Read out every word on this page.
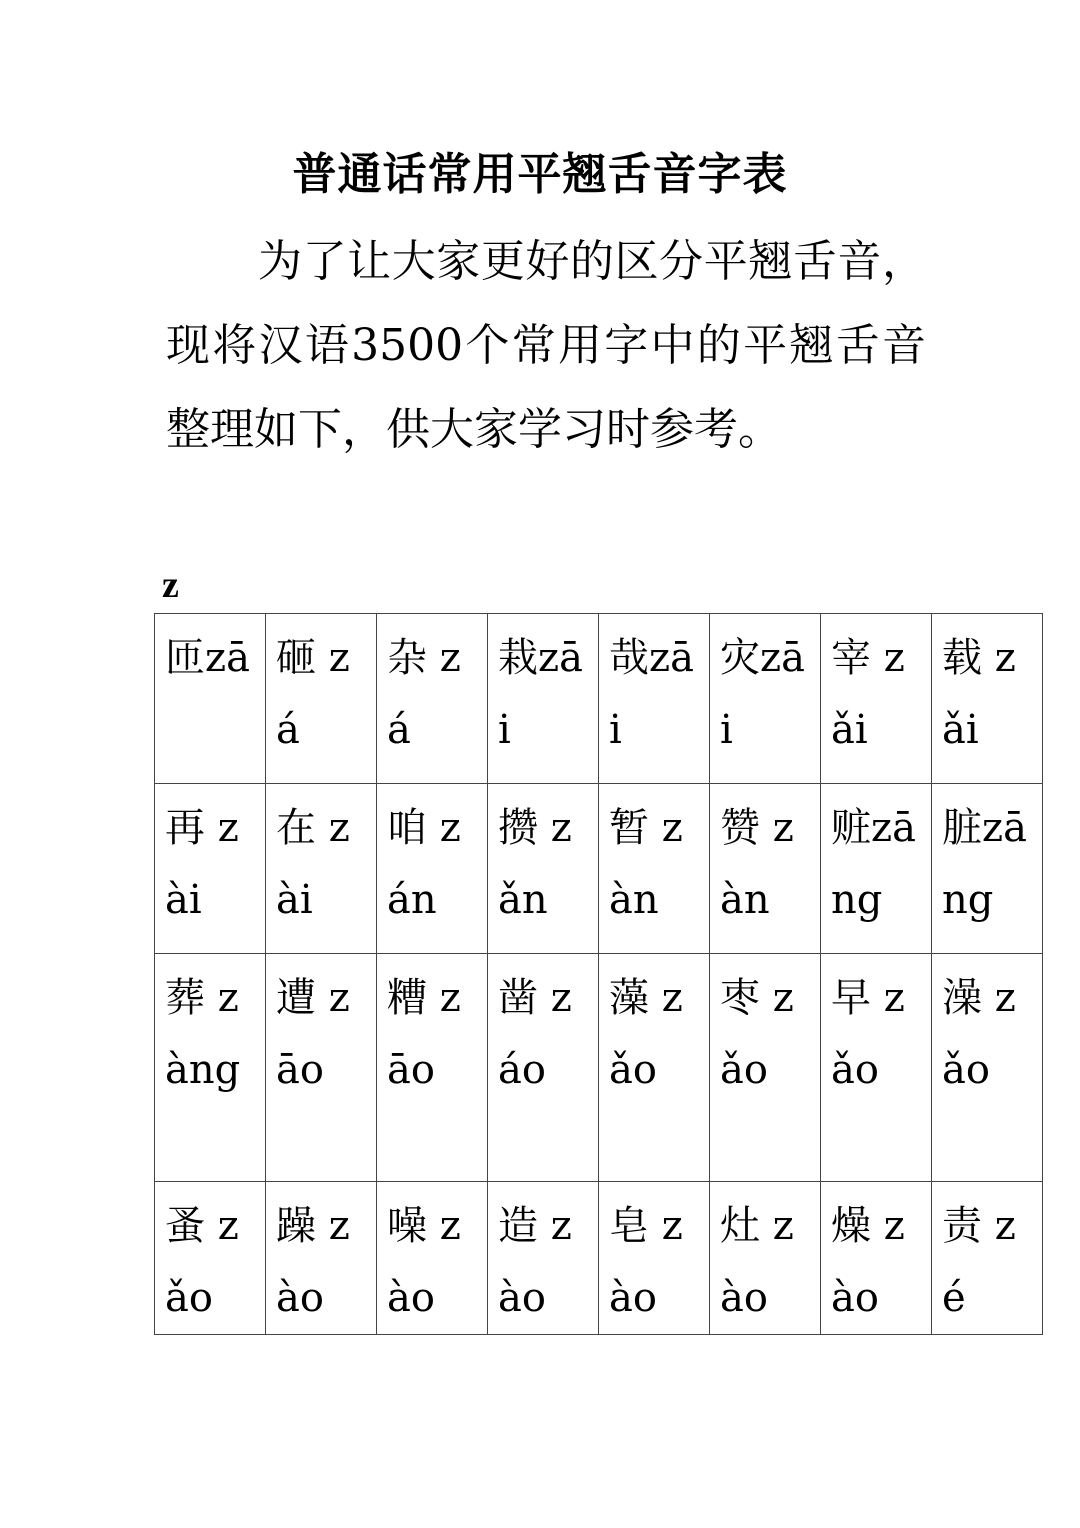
普通话常用平翘舌音字表

为了让大家更好的区分平翘舌音，现将汉语3500个常用字中的平翘舌音整理如下，供大家学习时参考。

z
匝zā	砸 zá	杂 zá	栽zāi	哉zāi	灾zāi	宰 zǎi	载 zǎi

再 zài	在 zài	咱 zán	攒 zǎn	暂 zàn	赞 zàn	赃zāng	脏zāng

葬 zàng	遭 zāo	糟 zāo	凿 záo	藻 zǎo	枣 zǎo	早 zǎo	澡 zǎo

蚤 zǎo	躁 zào	噪 zào	造 zào	皂 zào	灶 zào	燥 zào	责 zé
